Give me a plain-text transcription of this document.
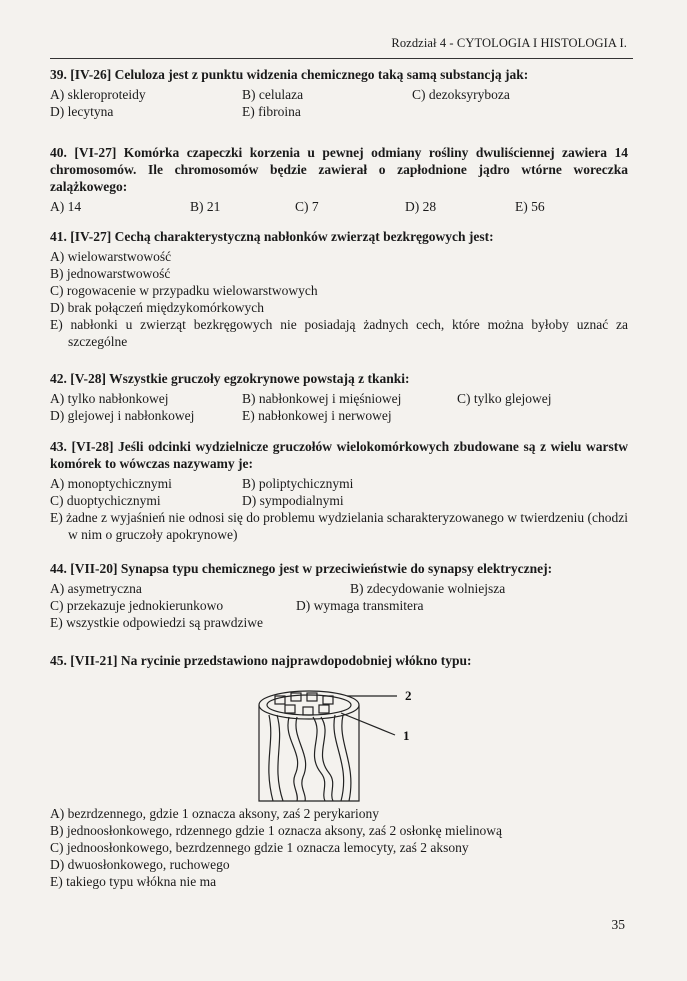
Rozdział 4 - CYTOLOGIA I HISTOLOGIA I.
39. [IV-26] Celuloza jest z punktu widzenia chemicznego taką samą substancją jak:
A) skleroproteidy	B) celulaza	C) dezoksyryboza
D) lecytyna	E) fibroina
40. [VI-27] Komórka czapeczki korzenia u pewnej odmiany rośliny dwuliściennej zawiera 14 chromosomów. Ile chromosomów będzie zawierał o zapłodnione jądro wtórne woreczka zalążkowego:
A) 14	B) 21	C) 7	D) 28	E) 56
41. [IV-27] Cechą charakterystyczną nabłonków zwierząt bezkręgowych jest:
A) wielowarstwowość
B) jednowarstwowość
C) rogowacenie w przypadku wielowarstwowych
D) brak połączeń międzykomórkowych
E) nabłonki u zwierząt bezkręgowych nie posiadają żadnych cech, które można byłoby uznać za szczególne
42. [V-28] Wszystkie gruczoły egzokrynowe powstają z tkanki:
A) tylko nabłonkowej	B) nabłonkowej i mięśniowej	C) tylko glejowej
D) glejowej i nabłonkowej	E) nabłonkowej i nerwowej
43. [VI-28] Jeśli odcinki wydzielnicze gruczołów wielokomórkowych zbudowane są z wielu warstw komórek to wówczas nazywamy je:
A) monoptychicznymi	B) poliptychicznymi
C) duoptychicznymi	D) sympodialnymi
E) żadne z wyjaśnień nie odnosi się do problemu wydzielania scharakteryzowanego w twierdzeniu (chodzi w nim o gruczoły apokrynowe)
44. [VII-20] Synapsa typu chemicznego jest w przeciwieństwie do synapsy elektrycznej:
A) asymetryczna	B) zdecydowanie wolniejsza
C) przekazuje jednokierunkowo	D) wymaga transmitera
E) wszystkie odpowiedzi są prawdziwe
45. [VII-21] Na rycinie przedstawiono najprawdopodobniej włókno typu:
2
1
A) bezrdzennego, gdzie 1 oznacza aksony, zaś 2 perykariony
B) jednoosłonkowego, rdzennego gdzie 1 oznacza aksony, zaś 2 osłonkę mielinową
C) jednoosłonkowego, bezrdzennego gdzie 1 oznacza lemocyty, zaś 2 aksony
D) dwuosłonkowego, ruchowego
E) takiego typu włókna nie ma
35
